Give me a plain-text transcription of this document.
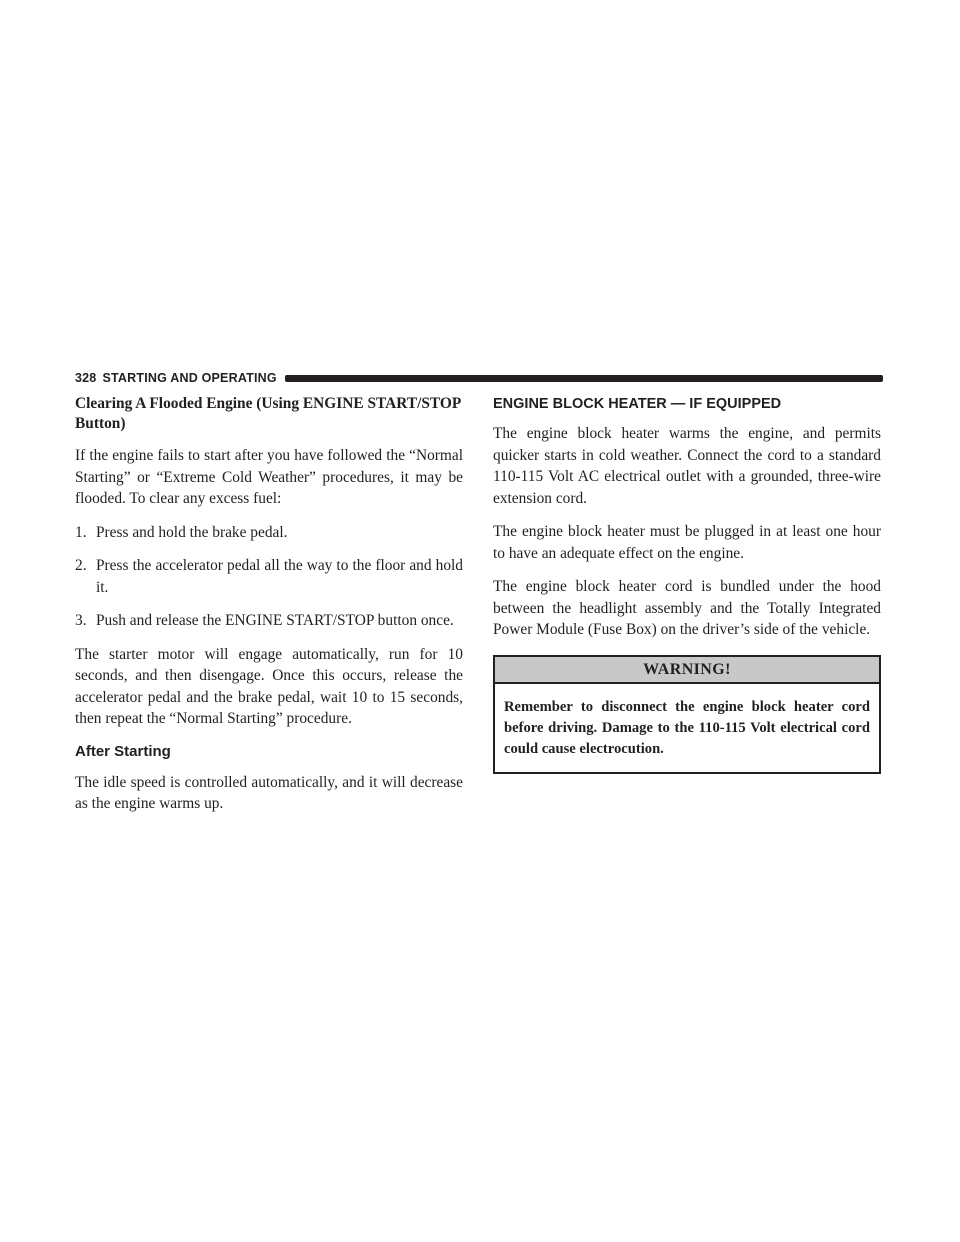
328 STARTING AND OPERATING
Clearing A Flooded Engine (Using ENGINE START/STOP Button)

If the engine fails to start after you have followed the “Normal Starting” or “Extreme Cold Weather” procedures, it may be flooded. To clear any excess fuel:

1. Press and hold the brake pedal.
2. Press the accelerator pedal all the way to the floor and hold it.
3. Push and release the ENGINE START/STOP button once.

The starter motor will engage automatically, run for 10 seconds, and then disengage. Once this occurs, release the accelerator pedal and the brake pedal, wait 10 to 15 seconds, then repeat the “Normal Starting” procedure.

After Starting

The idle speed is controlled automatically, and it will decrease as the engine warms up.

ENGINE BLOCK HEATER — IF EQUIPPED

The engine block heater warms the engine, and permits quicker starts in cold weather. Connect the cord to a standard 110-115 Volt AC electrical outlet with a grounded, three-wire extension cord.

The engine block heater must be plugged in at least one hour to have an adequate effect on the engine.

The engine block heater cord is bundled under the hood between the headlight assembly and the Totally Integrated Power Module (Fuse Box) on the driver’s side of the vehicle.

WARNING!
Remember to disconnect the engine block heater cord before driving. Damage to the 110-115 Volt electrical cord could cause electrocution.
